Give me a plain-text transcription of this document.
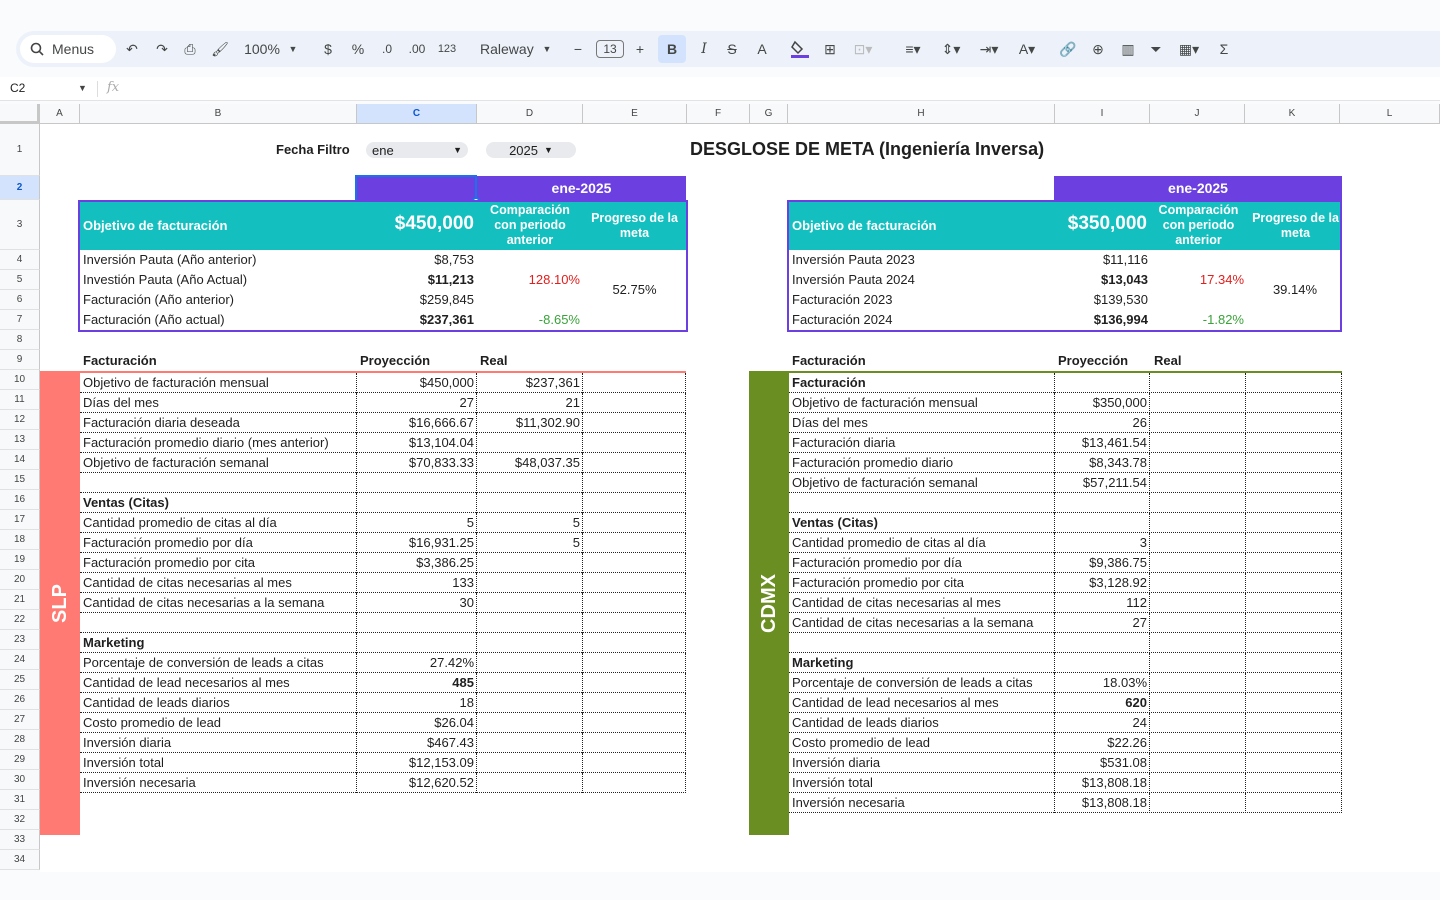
Menus	↶	↷	⎙	🖌 100% ▼ $ % .0 .00 123 Raleway ▼	−	13	+	B I S A	⊞	⊡▾	≡▾	⇕▾	⇥▾	A▾	🔗	⊕	▥	⏷	▦▾	Σ
C2	▼ fx
A	B	C	D	E	F	G	H	I	J	K	L
1
2
3
4
5
6
7
8
9
10
11
12
13
14
15
16
17
18
19
20
21
22
23
24
25
26
27
28
29
30
31
32
33
34
Fecha Filtro ene	▼	2025 ▼	DESGLOSE DE META (Ingeniería Inversa)
ene-2025
Objetivo de facturación	$450,000
Comparación con periodo anterior
Progreso de la meta
Inversión Pauta (Año anterior)	$8,753
Investión Pauta (Año Actual)	$11,213
Facturación (Año anterior)	$259,845
Facturación (Año actual)	$237,361
128.10%
-8.65%
52.75%
Facturación	Proyección	Real
SLP
Objetivo de facturación mensual	$450,000	$237,361
Días del mes	27	21
Facturación diaria deseada	$16,666.67	$11,302.90
Facturación promedio diario (mes anterior)	$13,104.04
Objetivo de facturación semanal	$70,833.33	$48,037.35
Ventas (Citas)
Cantidad promedio de citas al día	5	5
Facturación promedio por día	$16,931.25	5
Facturación promedio por cita	$3,386.25
Cantidad de citas necesarias al mes	133
Cantidad de citas necesarias a la semana	30
Marketing
Porcentaje de conversión de leads a citas	27.42%
Cantidad de lead necesarios al mes	485
Cantidad de leads diarios	18
Costo promedio de lead	$26.04
Inversión diaria	$467.43
Inversión total	$12,153.09
Inversión necesaria	$12,620.52
ene-2025
Objetivo de facturación	$350,000
Comparación con periodo anterior
Progreso de la meta
Inversión Pauta 2023	$11,116
Inversión Pauta 2024	$13,043
Facturación 2023	$139,530
Facturación 2024	$136,994
17.34%
-1.82%
39.14%
Facturación	Proyección Real
CDMX
Facturación
Objetivo de facturación mensual	$350,000
Días del mes	26
Facturación diaria	$13,461.54
Facturación promedio diario	$8,343.78
Objetivo de facturación semanal	$57,211.54
Ventas (Citas)
Cantidad promedio de citas al día	3
Facturación promedio por día	$9,386.75
Facturación promedio por cita	$3,128.92
Cantidad de citas necesarias al mes	112
Cantidad de citas necesarias a la semana	27
Marketing
Porcentaje de conversión de leads a citas	18.03%
Cantidad de lead necesarios al mes	620
Cantidad de leads diarios	24
Costo promedio de lead	$22.26
Inversión diaria	$531.08
Inversión total	$13,808.18
Inversión necesaria	$13,808.18
